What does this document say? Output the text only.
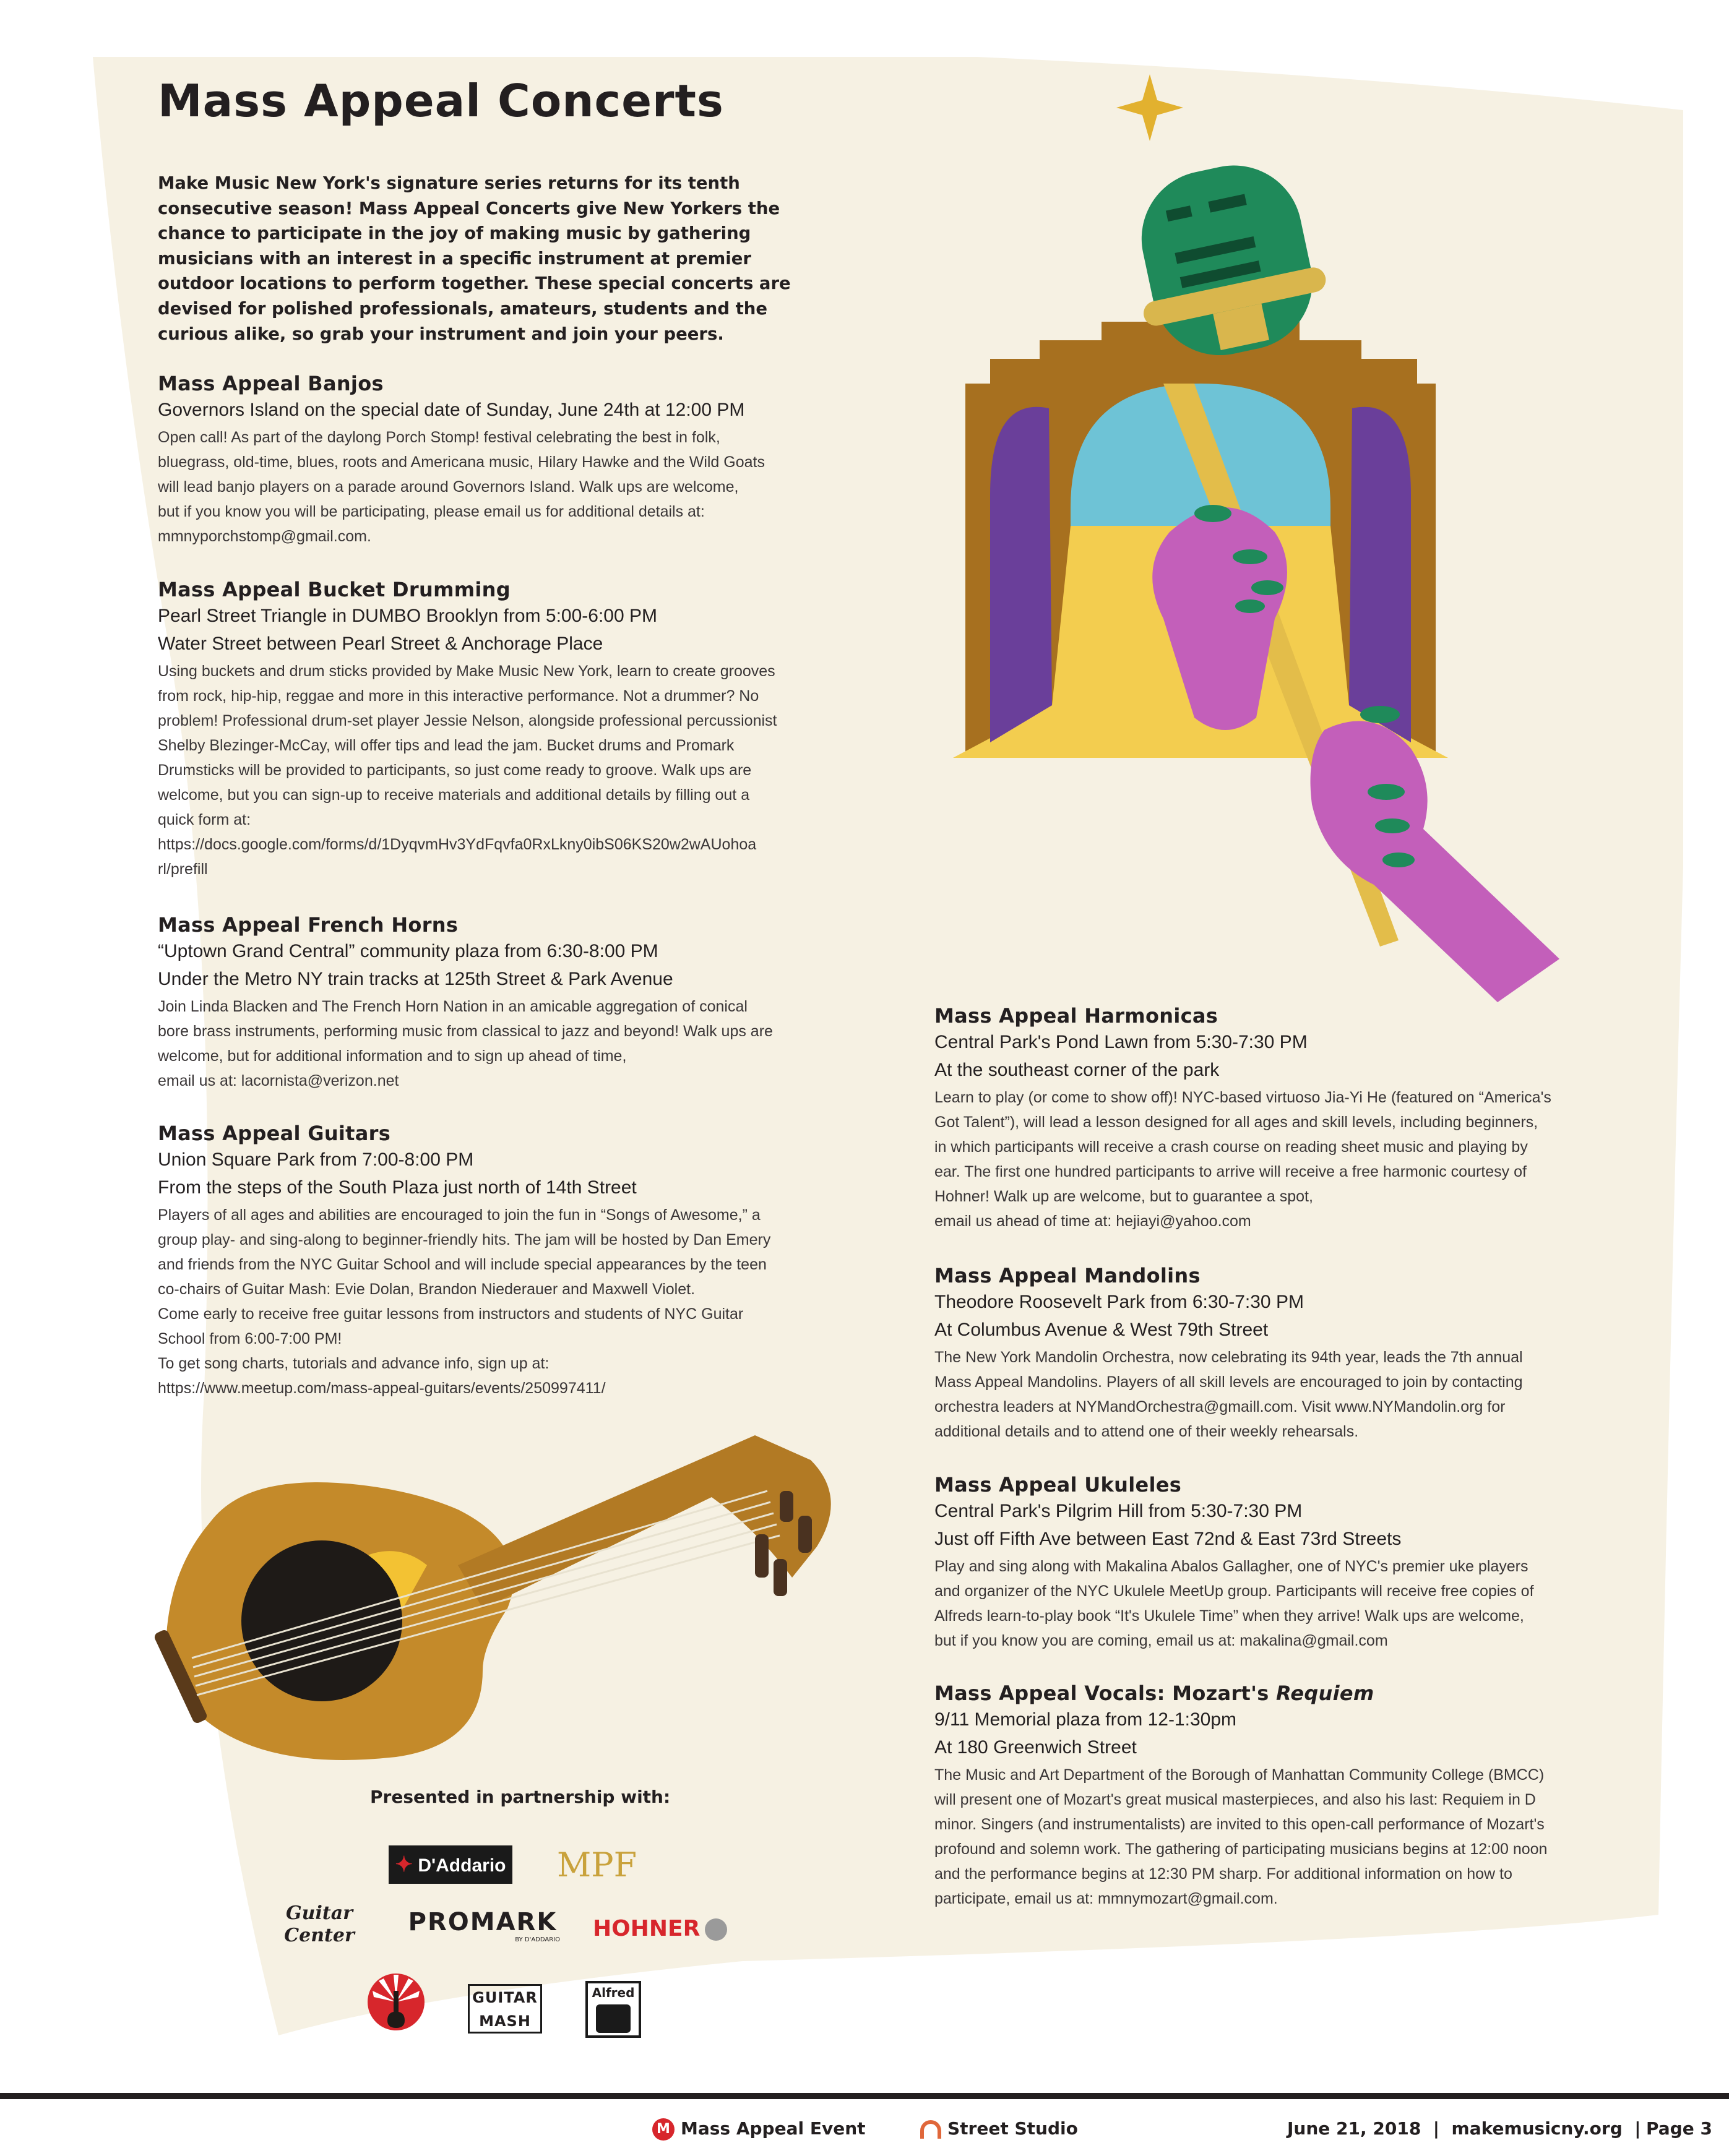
Mass Appeal Concerts
Make Music New York's signature series returns for its tenth consecutive season! Mass Appeal Concerts give New Yorkers the chance to participate in the joy of making music by gathering musicians with an interest in a specific instrument at premier outdoor locations to perform together. These special concerts are devised for polished professionals, amateurs, students and the curious alike, so grab your instrument and join your peers.
Mass Appeal Banjos
Governors Island on the special date of Sunday, June 24th at 12:00 PM
Open call! As part of the daylong Porch Stomp! festival celebrating the best in folk,
bluegrass, old-time, blues, roots and Americana music, Hilary Hawke and the Wild Goats
will lead banjo players on a parade around Governors Island. Walk ups are welcome,
but if you know you will be participating, please email us for additional details at:
mmnyporchstomp@gmail.com.
Mass Appeal Bucket Drumming
Pearl Street Triangle in DUMBO Brooklyn from 5:00-6:00 PM
Water Street between Pearl Street & Anchorage Place
Using buckets and drum sticks provided by Make Music New York, learn to create grooves
from rock, hip-hip, reggae and more in this interactive performance. Not a drummer? No
problem! Professional drum-set player Jessie Nelson, alongside professional percussionist
Shelby Blezinger-McCay, will offer tips and lead the jam. Bucket drums and Promark
Drumsticks will be provided to participants, so just come ready to groove. Walk ups are
welcome, but you can sign-up to receive materials and additional details by filling out a
quick form at:
https://docs.google.com/forms/d/1DyqvmHv3YdFqvfa0RxLkny0ibS06KS20w2wAUohoa
rl/prefill
Mass Appeal French Horns
“Uptown Grand Central” community plaza from 6:30-8:00 PM
Under the Metro NY train tracks at 125th Street & Park Avenue
Join Linda Blacken and The French Horn Nation in an amicable aggregation of conical
bore brass instruments, performing music from classical to jazz and beyond! Walk ups are
welcome, but for additional information and to sign up ahead of time,
email us at: lacornista@verizon.net
Mass Appeal Guitars
Union Square Park from 7:00-8:00 PM
From the steps of the South Plaza just north of 14th Street
Players of all ages and abilities are encouraged to join the fun in “Songs of Awesome,” a
group play- and sing-along to beginner-friendly hits. The jam will be hosted by Dan Emery
and friends from the NYC Guitar School and will include special appearances by the teen
co-chairs of Guitar Mash: Evie Dolan, Brandon Niederauer and Maxwell Violet.
Come early to receive free guitar lessons from instructors and students of NYC Guitar
School from 6:00-7:00 PM!
To get song charts, tutorials and advance info, sign up at:
https://www.meetup.com/mass-appeal-guitars/events/250997411/
Mass Appeal Harmonicas
Central Park's Pond Lawn from 5:30-7:30 PM
At the southeast corner of the park
Learn to play (or come to show off)! NYC-based virtuoso Jia-Yi He (featured on “America's
Got Talent”), will lead a lesson designed for all ages and skill levels, including beginners,
in which participants will receive a crash course on reading sheet music and playing by
ear. The first one hundred participants to arrive will receive a free harmonic courtesy of
Hohner! Walk up are welcome, but to guarantee a spot,
email us ahead of time at: hejiayi@yahoo.com
Mass Appeal Mandolins
Theodore Roosevelt Park from 6:30-7:30 PM
At Columbus Avenue & West 79th Street
The New York Mandolin Orchestra, now celebrating its 94th year, leads the 7th annual
Mass Appeal Mandolins. Players of all skill levels are encouraged to join by contacting
orchestra leaders at NYMandOrchestra@gmaill.com. Visit www.NYMandolin.org for
additional details and to attend one of their weekly rehearsals.
Mass Appeal Ukuleles
Central Park's Pilgrim Hill from 5:30-7:30 PM
Just off Fifth Ave between East 72nd & East 73rd Streets
Play and sing along with Makalina Abalos Gallagher, one of NYC's premier uke players
and organizer of the NYC Ukulele MeetUp group. Participants will receive free copies of
Alfreds learn-to-play book “It's Ukulele Time” when they arrive! Walk ups are welcome,
but if you know you are coming, email us at: makalina@gmail.com
Mass Appeal Vocals: Mozart's Requiem
9/11 Memorial plaza from 12-1:30pm
At 180 Greenwich Street
The Music and Art Department of the Borough of Manhattan Community College (BMCC)
will present one of Mozart's great musical masterpieces, and also his last: Requiem in D
minor. Singers (and instrumentalists) are invited to this open-call performance of Mozart's
profound and solemn work. The gathering of participating musicians begins at 12:00 noon
and the performance begins at 12:30 PM sharp. For additional information on how to
participate, email us at: mmnymozart@gmail.com.
Presented in partnership with:
✦ D'Addario MPF
Guitar Center	PROMARK
BY D'ADDARIO HOHNER
GUITAR MASH
Alfred
M Mass Appeal Event	Street Studio	June 21, 2018  |  makemusicny.org  | Page 3
